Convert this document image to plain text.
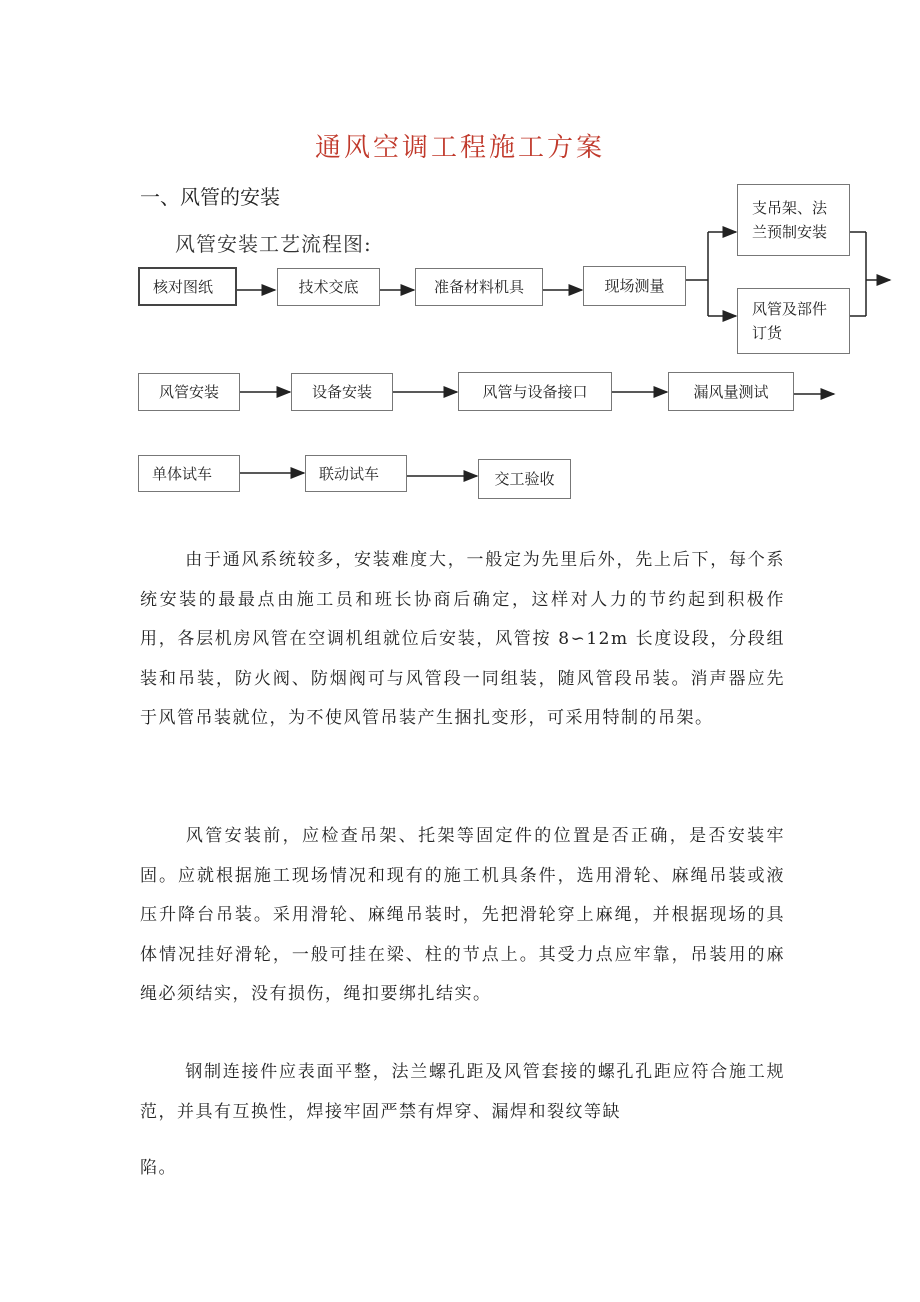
通风空调工程施工方案
一、风管的安装
风管安装工艺流程图:
核对图纸	技术交底	准备材料机具	现场测量
支吊架、法
兰预制安装
风管及部件
订货
风管安装	设备安装	风管与设备接口	漏风量测试
单体试车	联动试车	交工验收

由于通风系统较多，安装难度大，一般定为先里后外，先上后下，每个系统安装的最最点由施工员和班长协商后确定，这样对人力的节约起到积极作用，各层机房风管在空调机组就位后安装，风管按 8∽12m 长度设段，分段组装和吊装，防火阀、防烟阀可与风管段一同组装，随风管段吊装。消声器应先于风管吊装就位，为不使风管吊装产生捆扎变形，可采用特制的吊架。

风管安装前，应检查吊架、托架等固定件的位置是否正确，是否安装牢固。应就根据施工现场情况和现有的施工机具条件，选用滑轮、麻绳吊装或液压升降台吊装。采用滑轮、麻绳吊装时，先把滑轮穿上麻绳，并根据现场的具体情况挂好滑轮，一般可挂在梁、柱的节点上。其受力点应牢靠，吊装用的麻绳必须结实，没有损伤，绳扣要绑扎结实。

钢制连接件应表面平整，法兰螺孔距及风管套接的螺孔孔距应符合施工规范，并具有互换性，焊接牢固严禁有焊穿、漏焊和裂纹等缺

陷。
